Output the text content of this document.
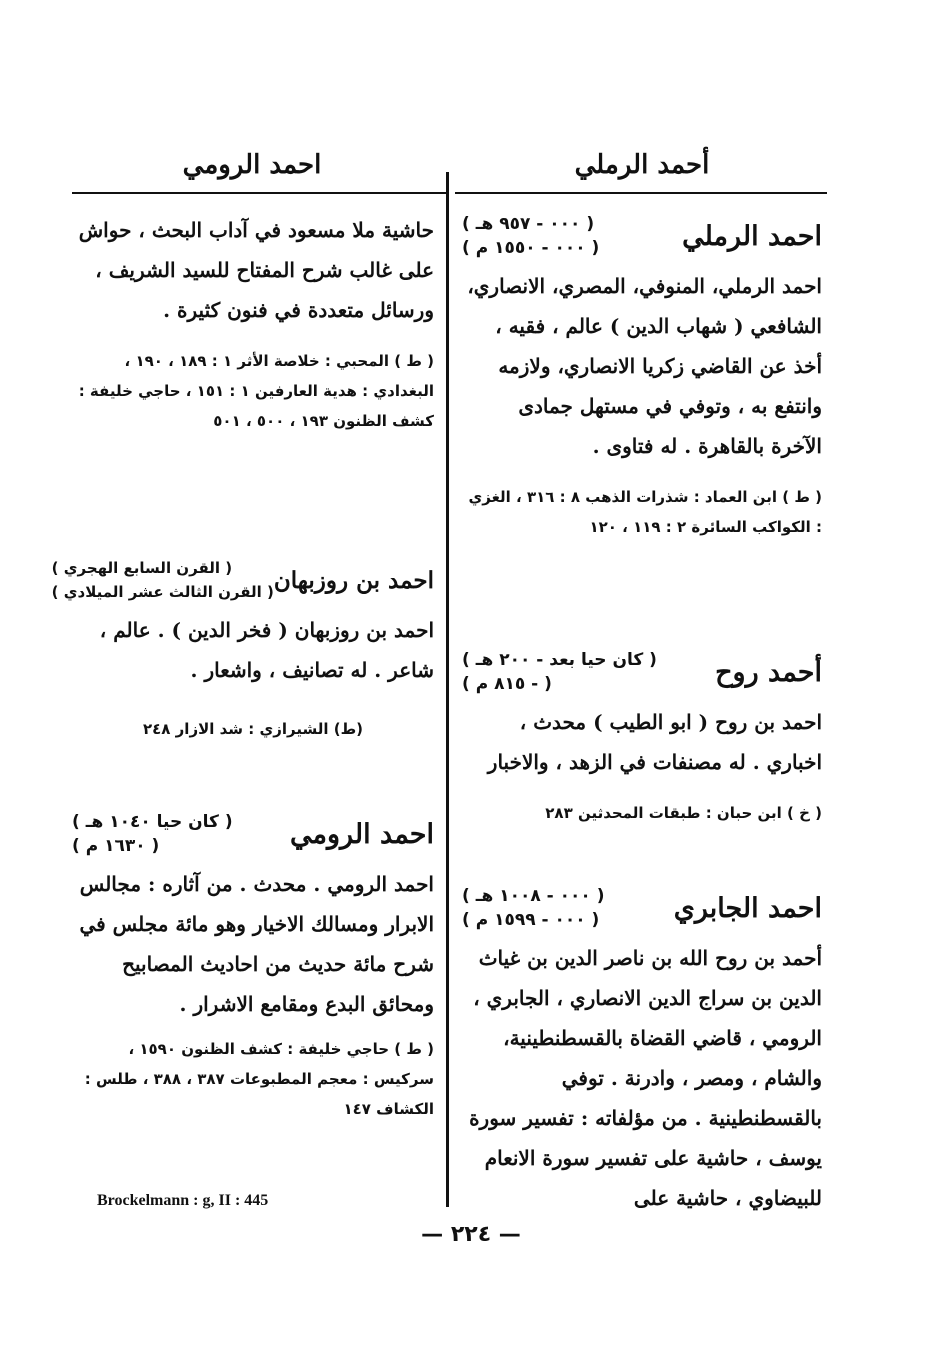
أحمد الرملي
احمد الرومي
احمد الرملي
( ٠٠٠ - ٩٥٧ هـ )
( ٠٠٠ - ١٥٥٠ م )
احمد الرملي، المنوفي، المصري، الانصاري، الشافعي ( شهاب الدين ) عالم ، فقيه ، أخذ عن القاضي زكريا الانصاري، ولازمه وانتفع به ، وتوفي في مستهل جمادى الآخرة بالقاهرة . له فتاوى .
( ط ) ابن العماد : شذرات الذهب ٨ : ٣١٦ ، الغزي : الكواكب السائرة ٢ : ١١٩ ، ١٢٠
أحمد روح
( كان حيا بعد - ٢٠٠ هـ )
( - ٨١٥ م )
احمد بن روح ( ابو الطيب ) محدث ، اخباري . له مصنفات في الزهد ، والاخبار
( خ ) ابن حبان : طبقات المحدثين ٢٨٣
احمد الجابري
( ٠٠٠ - ١٠٠٨ هـ )
( ٠٠٠ - ١٥٩٩ م )
أحمد بن روح الله بن ناصر الدين بن غياث الدين بن سراج الدين الانصاري ، الجابري ، الرومي ، قاضي القضاة بالقسطنطينية، والشام ، ومصر ، وادرنة . توفي بالقسطنطينية . من مؤلفاته : تفسير سورة يوسف ، حاشية على تفسير سورة الانعام للبيضاوي ، حاشية على
حاشية ملا مسعود في آداب البحث ، حواش على غالب شرح المفتاح للسيد الشريف ، ورسائل متعددة في فنون كثيرة .
( ط ) المحبي : خلاصة الأثر ١ : ١٨٩ ، ١٩٠ ، البغدادي : هدية العارفين ١ : ١٥١ ، حاجي خليفة : كشف الظنون ١٩٣ ، ٥٠٠ ، ٥٠١
احمد بن روزبهان
( القرن السابع الهجري )
( القرن الثالث عشر الميلادي )
احمد بن روزبهان ( فخر الدين ) . عالم ، شاعر . له تصانيف ، واشعار .
(ط) الشيرازي : شد الازار ٢٤٨
احمد الرومي
( كان حيا ١٠٤٠ هـ )
( ١٦٣٠ م )
احمد الرومي . محدث . من آثاره : مجالس الابرار ومسالك الاخيار وهو مائة مجلس في شرح مائة حديث من احاديث المصابيح ومحائق البدع ومقامع الاشرار .
( ط ) حاجي خليفة : كشف الظنون ١٥٩٠ ، سركيس : معجم المطبوعات ٣٨٧ ، ٣٨٨ ، طلس : الكشاف ١٤٧
Brockelmann : g, II : 445
— ٢٢٤ —
